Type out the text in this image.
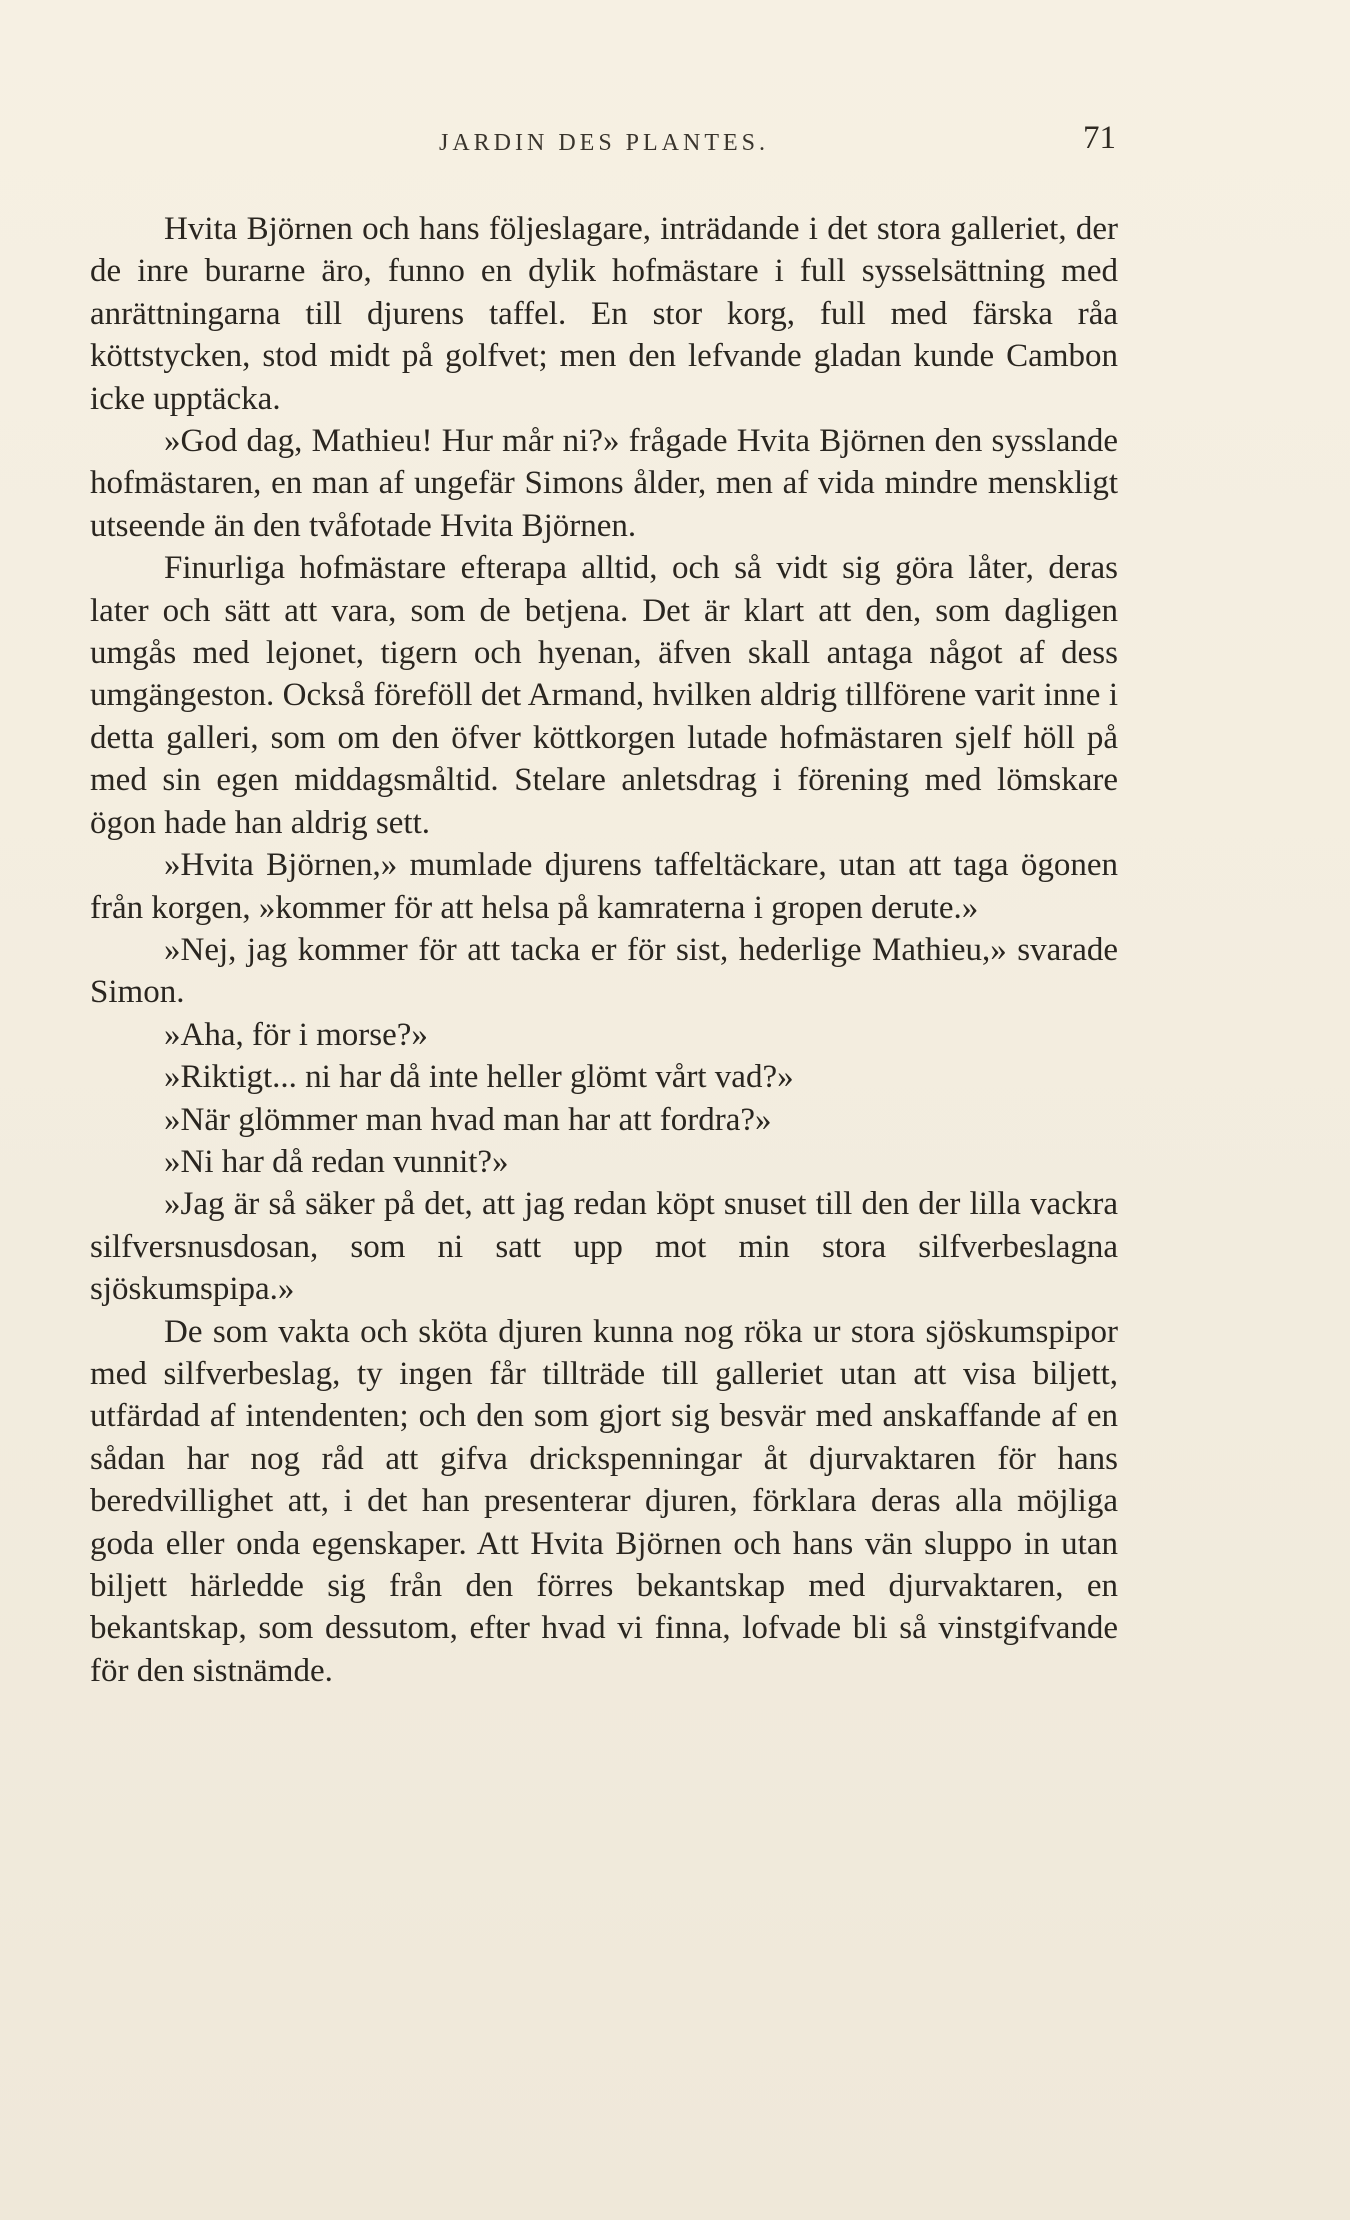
JARDIN DES PLANTES.	71

Hvita Björnen och hans följeslagare, inträdande i det stora galleriet, der de inre burarne äro, funno en dylik hofmästare i full sysselsättning med anrättningarna till djurens taffel. En stor korg, full med färska råa köttstycken, stod midt på golfvet; men den lefvande gladan kunde Cambon icke upptäcka.

»God dag, Mathieu! Hur mår ni?» frågade Hvita Björnen den sysslande hofmästaren, en man af ungefär Simons ålder, men af vida mindre menskligt utseende än den tvåfotade Hvita Björnen.

Finurliga hofmästare efterapa alltid, och så vidt sig göra låter, deras later och sätt att vara, som de betjena. Det är klart att den, som dagligen umgås med lejonet, tigern och hyenan, äfven skall antaga något af dess umgängeston. Också föreföll det Armand, hvilken aldrig tillförene varit inne i detta galleri, som om den öfver köttkorgen lutade hofmästaren sjelf höll på med sin egen middagsmåltid. Stelare anletsdrag i förening med lömskare ögon hade han aldrig sett.

»Hvita Björnen,» mumlade djurens taffeltäckare, utan att taga ögonen från korgen, »kommer för att helsa på kamraterna i gropen derute.»

»Nej, jag kommer för att tacka er för sist, hederlige Mathieu,» svarade Simon.

»Aha, för i morse?»

»Riktigt... ni har då inte heller glömt vårt vad?»

»När glömmer man hvad man har att fordra?»

»Ni har då redan vunnit?»

»Jag är så säker på det, att jag redan köpt snuset till den der lilla vackra silfversnusdosan, som ni satt upp mot min stora silfverbeslagna sjöskumspipa.»

De som vakta och sköta djuren kunna nog röka ur stora sjöskumspipor med silfverbeslag, ty ingen får tillträde till galleriet utan att visa biljett, utfärdad af intendenten; och den som gjort sig besvär med anskaffande af en sådan har nog råd att gifva drickspenningar åt djurvaktaren för hans beredvillighet att, i det han presenterar djuren, förklara deras alla möjliga goda eller onda egenskaper. Att Hvita Björnen och hans vän sluppo in utan biljett härledde sig från den förres bekantskap med djurvaktaren, en bekantskap, som dessutom, efter hvad vi finna, lofvade bli så vinstgifvande för den sistnämde.
